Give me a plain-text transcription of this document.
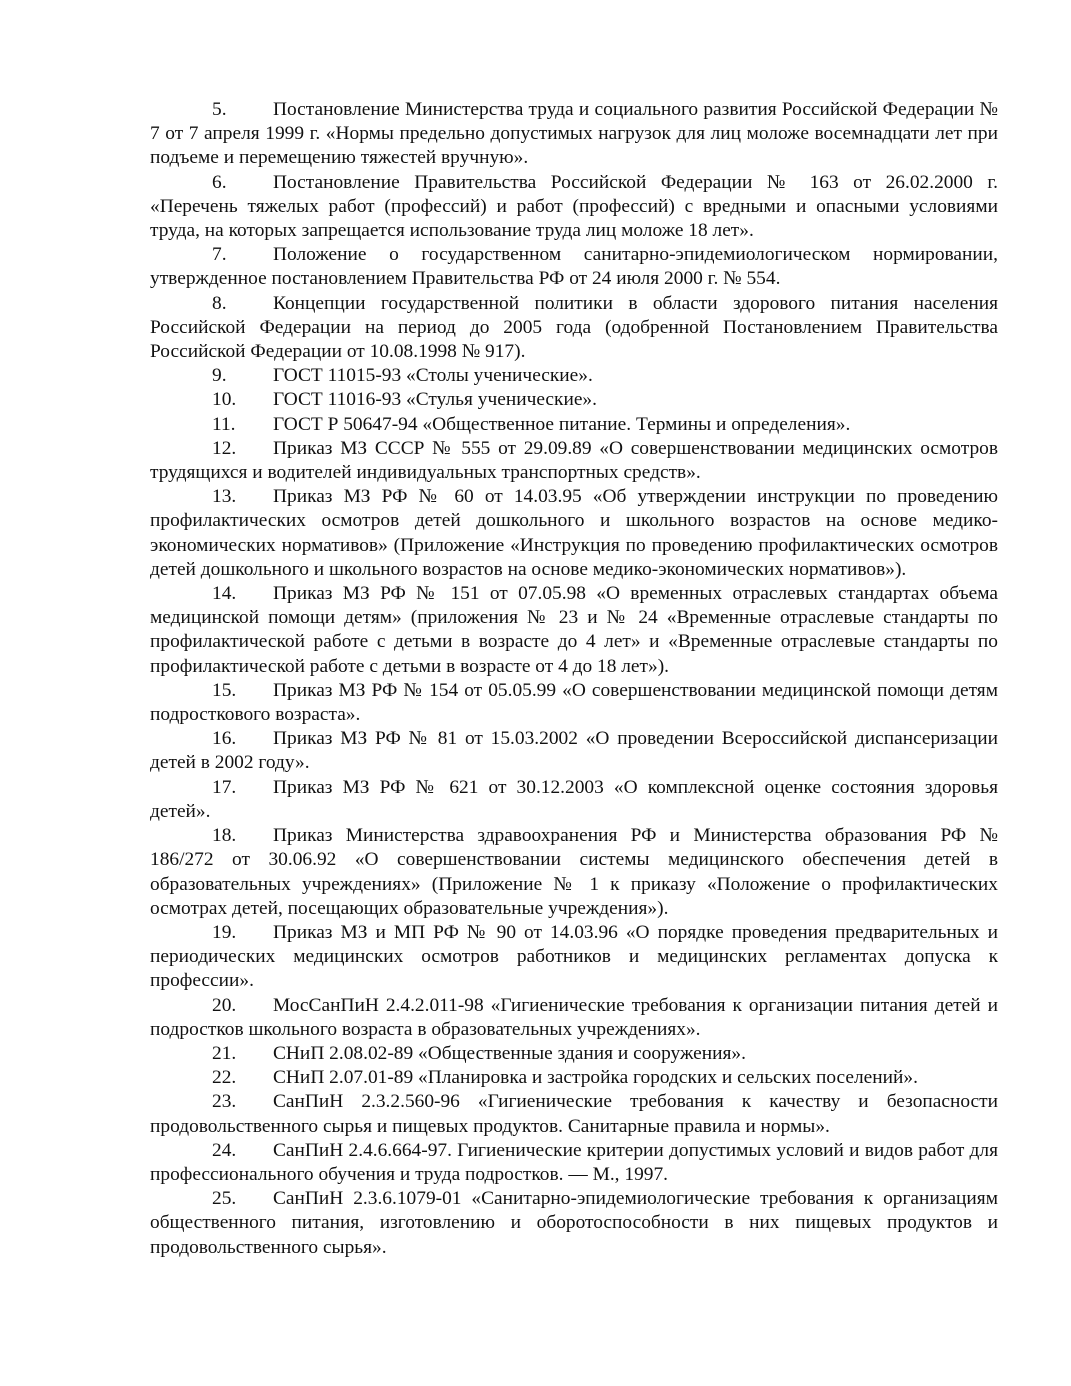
5. Постановление Министерства труда и социального развития Российской Федерации № 7 от 7 апреля 1999 г. «Нормы предельно допустимых нагрузок для лиц моложе восемнадцати лет при подъеме и перемещению тяжестей вручную».

6. Постановление Правительства Российской Федерации № 163 от 26.02.2000 г. «Перечень тяжелых работ (профессий) и работ (профессий) с вредными и опасными условиями труда, на которых запрещается использование труда лиц моложе 18 лет».

7. Положение о государственном санитарно-эпидемиологическом нормировании, утвержденное постановлением Правительства РФ от 24 июля 2000 г. № 554.

8. Концепции государственной политики в области здорового питания населения Российской Федерации на период до 2005 года (одобренной Постановлением Правительства Российской Федерации от 10.08.1998 № 917).

9. ГОСТ 11015-93 «Столы ученические».

10. ГОСТ 11016-93 «Стулья ученические».

11. ГОСТ Р 50647-94 «Общественное питание. Термины и определения».

12. Приказ МЗ СССР № 555 от 29.09.89 «О совершенствовании медицинских осмотров трудящихся и водителей индивидуальных транспортных средств».

13. Приказ МЗ РФ № 60 от 14.03.95 «Об утверждении инструкции по проведению профилактических осмотров детей дошкольного и школьного возрастов на основе медико-экономических нормативов» (Приложение «Инструкция по проведению профилактических осмотров детей дошкольного и школьного возрастов на основе медико-экономических нормативов»).

14. Приказ МЗ РФ № 151 от 07.05.98 «О временных отраслевых стандартах объема медицинской помощи детям» (приложения № 23 и № 24 «Временные отраслевые стандарты по профилактической работе с детьми в возрасте до 4 лет» и «Временные отраслевые стандарты по профилактической работе с детьми в возрасте от 4 до 18 лет»).

15. Приказ МЗ РФ № 154 от 05.05.99 «О совершенствовании медицинской помощи детям подросткового возраста».

16. Приказ МЗ РФ № 81 от 15.03.2002 «О проведении Всероссийской диспансеризации детей в 2002 году».

17. Приказ МЗ РФ № 621 от 30.12.2003 «О комплексной оценке состояния здоровья детей».

18. Приказ Министерства здравоохранения РФ и Министерства образования РФ № 186/272 от 30.06.92 «О совершенствовании системы медицинского обеспечения детей в образовательных учреждениях» (Приложение № 1 к приказу «Положение о профилактических осмотрах детей, посещающих образовательные учреждения»).

19. Приказ МЗ и МП РФ № 90 от 14.03.96 «О порядке проведения предварительных и периодических медицинских осмотров работников и медицинских регламентах допуска к профессии».

20. МосСанПиН 2.4.2.011-98 «Гигиенические требования к организации питания детей и подростков школьного возраста в образовательных учреждениях».

21. СНиП 2.08.02-89 «Общественные здания и сооружения».

22. СНиП 2.07.01-89 «Планировка и застройка городских и сельских поселений».

23. СанПиН 2.3.2.560-96 «Гигиенические требования к качеству и безопасности продовольственного сырья и пищевых продуктов. Санитарные правила и нормы».

24. СанПиН 2.4.6.664-97. Гигиенические критерии допустимых условий и видов работ для профессионального обучения и труда подростков. — М., 1997.

25. СанПиН 2.3.6.1079-01 «Санитарно-эпидемиологические требования к организациям общественного питания, изготовлению и оборотоспособности в них пищевых продуктов и продовольственного сырья».
